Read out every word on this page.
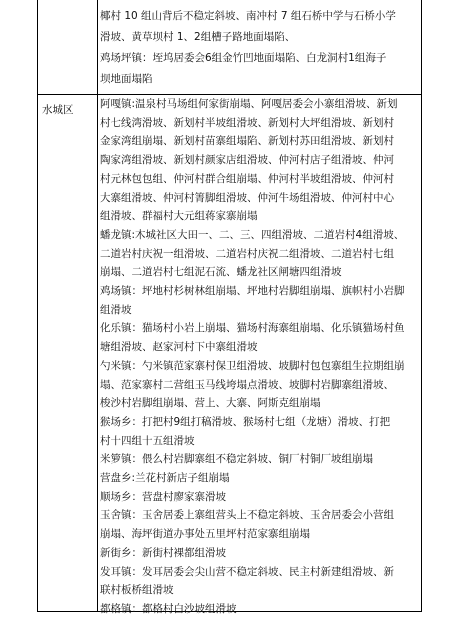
水城区
椰村 10 组山背后不稳定斜坡、南冲村 7 组石桥中学与石桥小学
滑坡、黄草坝村 1、2组槽子路地面塌陷、
鸡场坪镇：垤坞居委会6组金竹凹地面塌陷、白龙洞村1组海子
坝地面塌陷
阿嘎镇:温泉村马场组何家街崩塌、阿嘎居委会小寨组滑坡、新划
村七线湾滑坡、新划村半坡组滑坡、新划村大坪组滑坡、新划村
金家湾组崩塌、新划村苗寨组塌陷、新划村苏田组滑坡、新划村
陶家湾组滑坡、新划村颜家店组滑坡、仲河村店子组滑坡、仲河
村元林包包组、仲河村群合组崩塌、仲河村半坡组滑坡、仲河村
大寨组滑坡、仲河村箐脚组滑坡、仲河牛场组滑坡、仲河村中心
组滑坡、群福村大元组蒋家寨崩塌
蟠龙镇:木城社区大田一、二、三、四组滑坡、二道岩村4组滑坡、
二道岩村庆祝一组滑坡、二道岩村庆祝二组滑坡、二道岩村七组
崩塌、二道岩村七组泥石流、蟠龙社区闸塘四组滑坡
鸡场镇：坪地村杉树林组崩塌、坪地村岩脚组崩塌、旗帜村小岩脚
组滑坡
化乐镇：猫场村小岩上崩塌、猫场村海寨组崩塌、化乐镇猫场村鱼
塘组滑坡、赵家河村下中寨组滑坡
勺米镇：勺米镇范家寨村保卫组滑坡、坡脚村包包寨组生拉期组崩
塌、范家寨村二营组玉马线垮塌点滑坡、坡脚村岩脚寨组滑坡、
梭沙村岩脚组崩塌、营上、大寨、阿斯克组崩塌
猴场乡：打把村9组打稿滑坡、猴场村七组（龙塘）滑坡、打把
村十四组十五组滑坡
米箩镇：偎么村岩脚寨组不稳定斜坡、铜厂村铜厂坡组崩塌
营盘乡:兰花村新店子组崩塌
顺场乡：营盘村廖家寨滑坡
玉舍镇：玉舍居委上寨组营头上不稳定斜坡、玉舍居委会小营组
崩塌、海坪街道办事处五里坪村范家寨组崩塌
新街乡：新街村裸都组滑坡
发耳镇：发耳居委会尖山营不稳定斜坡、民主村新建组滑坡、新
联村板桥组滑坡
都格镇：都格村白沙坡组滑坡
